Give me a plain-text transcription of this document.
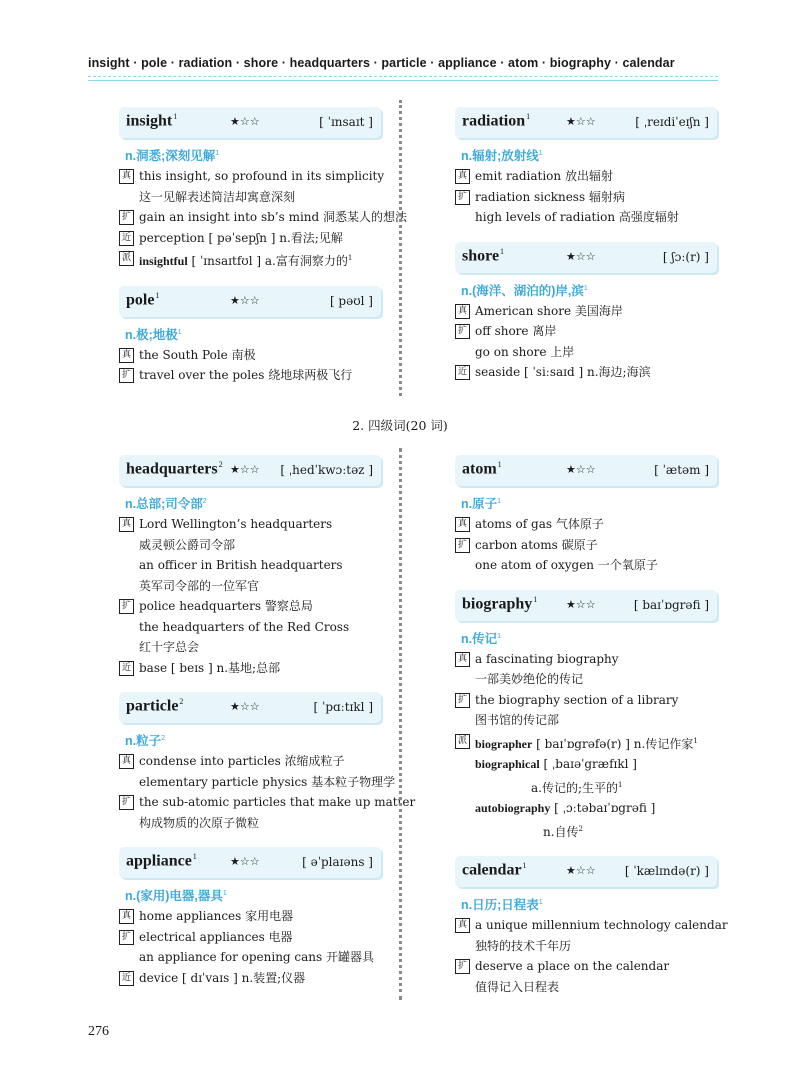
insight · pole · radiation · shore · headquarters · particle · appliance · atom · biography · calendar
insight$^1$	★☆☆	[ ˈɪnsaɪt ]
n.洞悉;深刻见解$^1$
真 this insight, so profound in its simplicity
这一见解表述简洁却寓意深刻
扩 gain an insight into sb’s mind 洞悉某人的想法
近 perception [ pəˈsepʃn ] n.看法;见解
派 insightful [ ˈɪnsaɪtfʊl ] a.富有洞察力的$^1$
pole$^1$	★☆☆	[ pəʊl ]
n.极;地极$^1$
真 the South Pole 南极
扩 travel over the poles 绕地球两极飞行
radiation$^1$	★☆☆	[ ˌreɪdiˈeɪʃn ]
n.辐射;放射线$^1$
真 emit radiation 放出辐射
扩 radiation sickness 辐射病
high levels of radiation 高强度辐射
shore$^1$	★☆☆	[ ʃɔː(r) ]
n.(海洋、湖泊的)岸,滨$^1$
真 American shore 美国海岸
扩 off shore 离岸
go on shore 上岸
近 seaside [ ˈsiːsaɪd ] n.海边;海滨
2. 四级词(20 词)
headquarters$^2$ ★☆☆ [ ˌhedˈkwɔːtəz ]
n.总部;司令部$^2$
真 Lord Wellington’s headquarters
威灵顿公爵司令部
an officer in British headquarters
英军司令部的一位军官
扩 police headquarters 警察总局
the headquarters of the Red Cross
红十字总会
近 base [ beɪs ] n.基地;总部
particle$^2$	★☆☆	[ ˈpɑːtɪkl ]
n.粒子$^2$
真 condense into particles 浓缩成粒子
elementary particle physics 基本粒子物理学
扩 the sub-atomic particles that make up matter
构成物质的次原子微粒
appliance$^1$	★☆☆	[ əˈplaɪəns ]
n.(家用)电器,器具$^1$
真 home appliances 家用电器
扩 electrical appliances 电器
an appliance for opening cans 开罐器具
近 device [ dɪˈvaɪs ] n.装置;仪器
atom$^1$	★☆☆	[ ˈætəm ]
n.原子$^1$
真 atoms of gas 气体原子
扩 carbon atoms 碳原子
one atom of oxygen 一个氧原子
biography$^1$	★☆☆	[ baɪˈɒgrəfi ]
n.传记$^1$
真 a fascinating biography
一部美妙绝伦的传记
扩 the biography section of a library
图书馆的传记部
派 biographer [ baɪˈɒgrəfə(r) ] n.传记作家$^1$
biographical [ ˌbaɪəˈgræfɪkl ]
a.传记的;生平的$^1$
autobiography [ ˌɔːtəbaɪˈɒgrəfi ]
n.自传$^2$
calendar$^1$	★☆☆ [ ˈkælɪndə(r) ]
n.日历;日程表$^1$
真 a unique millennium technology calendar
独特的技术千年历
扩 deserve a place on the calendar
值得记入日程表
276
